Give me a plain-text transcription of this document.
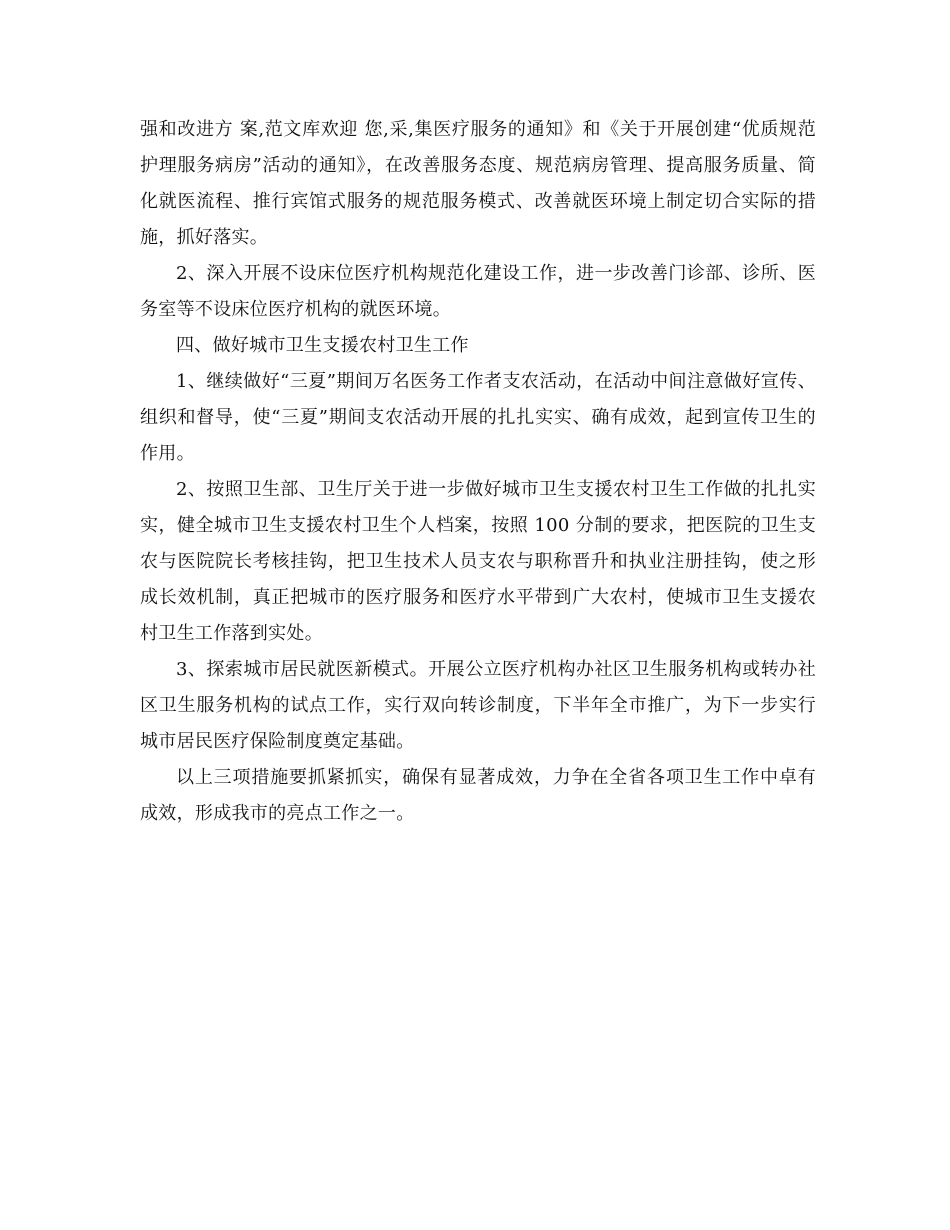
强和改进方 案,范文库欢迎 您,采,集医疗服务的通知》和《关于开展创建“优质规范护理服务病房”活动的通知》，在改善服务态度、规范病房管理、提高服务质量、简化就医流程、推行宾馆式服务的规范服务模式、改善就医环境上制定切合实际的措施，抓好落实。

2、深入开展不设床位医疗机构规范化建设工作，进一步改善门诊部、诊所、医务室等不设床位医疗机构的就医环境。

四、做好城市卫生支援农村卫生工作

1、继续做好“三夏”期间万名医务工作者支农活动，在活动中间注意做好宣传、组织和督导，使“三夏”期间支农活动开展的扎扎实实、确有成效，起到宣传卫生的作用。

2、按照卫生部、卫生厅关于进一步做好城市卫生支援农村卫生工作做的扎扎实实，健全城市卫生支援农村卫生个人档案，按照 100 分制的要求，把医院的卫生支农与医院院长考核挂钩，把卫生技术人员支农与职称晋升和执业注册挂钩，使之形成长效机制，真正把城市的医疗服务和医疗水平带到广大农村，使城市卫生支援农村卫生工作落到实处。

3、探索城市居民就医新模式。开展公立医疗机构办社区卫生服务机构或转办社区卫生服务机构的试点工作，实行双向转诊制度，下半年全市推广，为下一步实行城市居民医疗保险制度奠定基础。

以上三项措施要抓紧抓实，确保有显著成效，力争在全省各项卫生工作中卓有成效，形成我市的亮点工作之一。
